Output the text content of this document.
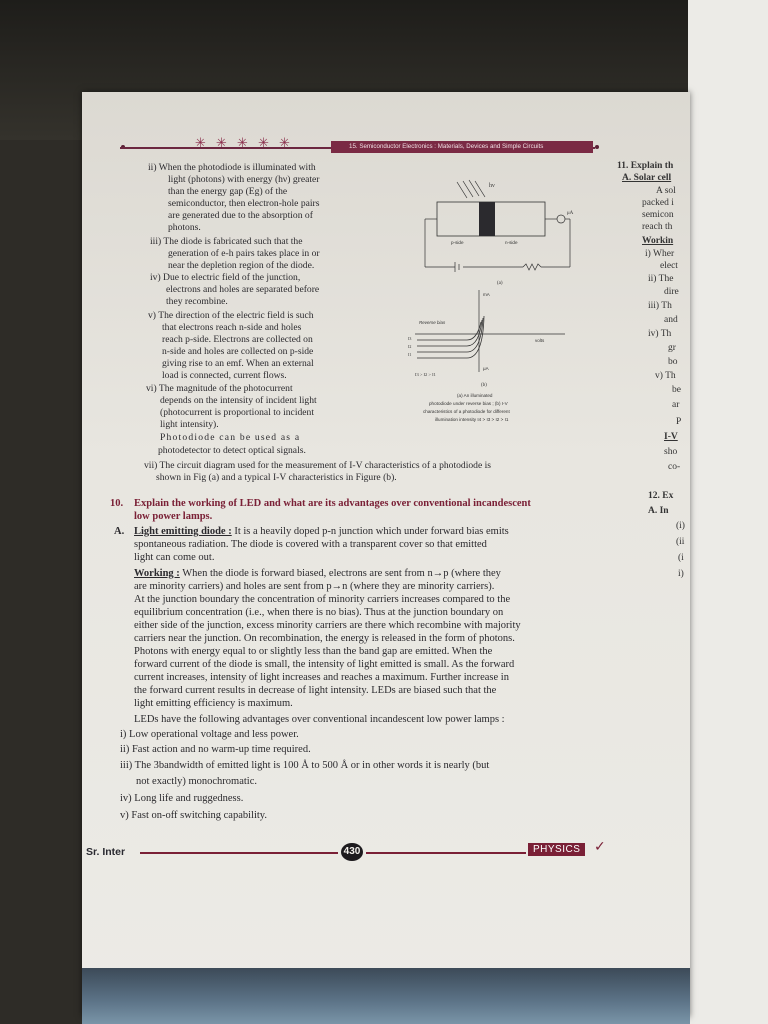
✳ ✳ ✳ ✳ ✳	15. Semiconductor Electronics : Materials, Devices and Simple Circuits
ii) When the photodiode is illuminated with
light (photons) with energy (hν) greater
than the energy gap (Eg) of the
semiconductor, then electron-hole pairs
are generated due to the absorption of
photons.
iii) The diode is fabricated such that the
generation of e-h pairs takes place in or
near the depletion region of the diode.
iv) Due to electric field of the junction,
electrons and holes are separated before
they recombine.
v) The direction of the electric field is such
that electrons reach n-side and holes
reach p-side. Electrons are collected on
n-side and holes are collected on p-side
giving rise to an emf. When an external
load is connected, current flows.
vi) The magnitude of the photocurrent
depends on the intensity of incident light
(photocurrent is proportional to incident
light intensity).
Photodiode can be used as a
photodetector to detect optical signals.
hν
p-side	n-side
μA
(a)
mA
Reverse bias
volts
μA
I3
I2
I1
I3 > I2 > I1
(b)
(a) An illuminated
photodiode under reverse bias ; (b) I-V
characteristics of a photodiode for different
illumination intensity I4 > I3 > I2 > I1
vii) The circuit diagram used for the measurement of I-V characteristics of a photodiode is
shown in Fig (a) and a typical I-V characteristics in Figure (b).
10. Explain the working of LED and what are its advantages over conventional incandescent
low power lamps.
A. Light emitting diode : It is a heavily doped p-n junction which under forward bias emits
spontaneous radiation. The diode is covered with a transparent cover so that emitted
light can come out.
Working : When the diode is forward biased, electrons are sent from n→p (where they
are minority carriers) and holes are sent from p→n (where they are minority carriers).
At the junction boundary the concentration of minority carriers increases compared to the
equilibrium concentration (i.e., when there is no bias). Thus at the junction boundary on
either side of the junction, excess minority carriers are there which recombine with majority
carriers near the junction. On recombination, the energy is released in the form of photons.
Photons with energy equal to or slightly less than the band gap are emitted. When the
forward current of the diode is small, the intensity of light emitted is small. As the forward
current increases, intensity of light increases and reaches a maximum. Further increase in
the forward current results in decrease of light intensity. LEDs are biased such that the
light emitting efficiency is maximum.
LEDs have the following advantages over conventional incandescent low power lamps :
i) Low operational voltage and less power.
ii) Fast action and no warm-up time required.
iii) The 3bandwidth of emitted light is 100 Å to 500 Å or in other words it is nearly (but
not exactly) monochromatic.
iv) Long life and ruggedness.
v) Fast on-off switching capability.
Sr. Inter	430	PHYSICS ✓
11. Explain th
A. Solar cell
A sol
packed i
semicon
reach th
Workin
i) Wher
elect
ii) The
dire
iii) Th
and
iv) Th
gr
bo
v) Th
be
ar
P
I-V
sho
co-
12. Ex
A. In
(i)
(ii
(i
i)
